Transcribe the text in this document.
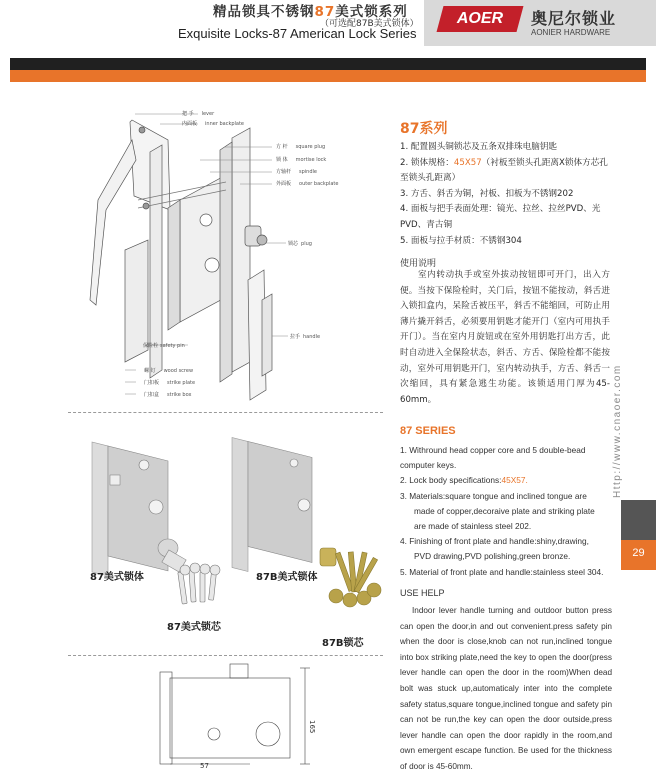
精品锁具不锈钢87美式锁系列
（可选配87B美式锁体）
Exquisite Locks-87 American Lock Series
AOER	奥尼尔锁业
AONIER HARDWARE
把 手 lever
内面板 inner backplate
方 杆 square plug
锁 体 mortise lock
方轴杆 spindle
外面板 outer backplate
锁芯 plug
拉手 handle
保险栓 safety pin
螺 钉 wood screw
门扣板 strike plate
门扣盒 strike box
87美式锁体	87B美式锁体
87美式锁芯
87B锁芯
57
165
87系列
1. 配置圆头铜锁芯及五条双排珠电脑钥匙
2. 锁体规格：45X57（衬板至锁头孔距离X锁体方芯孔至锁头孔距离）
3. 方舌、斜舌为铜，衬板、扣板为不锈钢202
4. 面板与把手表面处理：镜光、拉丝、拉丝PVD、光PVD、青古铜
5. 面板与拉手材质：不锈钢304
使用说明
室内转动执手或室外拔动按钮即可开门，出入方便。当按下保险栓时，关门后，按钮不能按动，斜舌进入锁扣盒内，呆险舌被压平，斜舌不能缩回，可防止用薄片撬开斜舌，必须要用钥匙才能开门（室内可用执手开门）。当在室内月旋钮或在室外用钥匙打出方舌，此时自动进入全保险状态，斜舌、方舌、保险栓都不能按动，室外可用钥匙开门，室内转动执手，方舌、斜舌一次缩回，具有紧急逃生功能。该锁适用门厚为45-60mm。
87 SERIES
1. Withround head copper core and 5 double-bead computer keys.
2. Lock body specifications:45X57.
3. Materials:square tongue and inclined tongue are
made of copper,decoraive plate and striking plate
are made of stainless steel 202.
4. Finishing of front plate and handle:shiny,drawing,
PVD drawing,PVD polishing,green bronze.
5. Material of front plate and handle:stainless steel 304.
USE HELP
Indoor lever handle turning and outdoor button press can open the door,in and out convenient.press safety pin when the door is close,knob can not run,inclined tongue into box striking plate,need the key to open the door(press lever handle can open the door in the room)When dead bolt was stuck up,automaticaly inter into the complete safety status,square tongue,inclined tongue and safety pin can not be run,the key can open the door outside,press lever handle can open the door rapidly in the room,and own emergent escape function. Be used for the thickness of door is 45-60mm.
Http://www.cnaoer.com
29
